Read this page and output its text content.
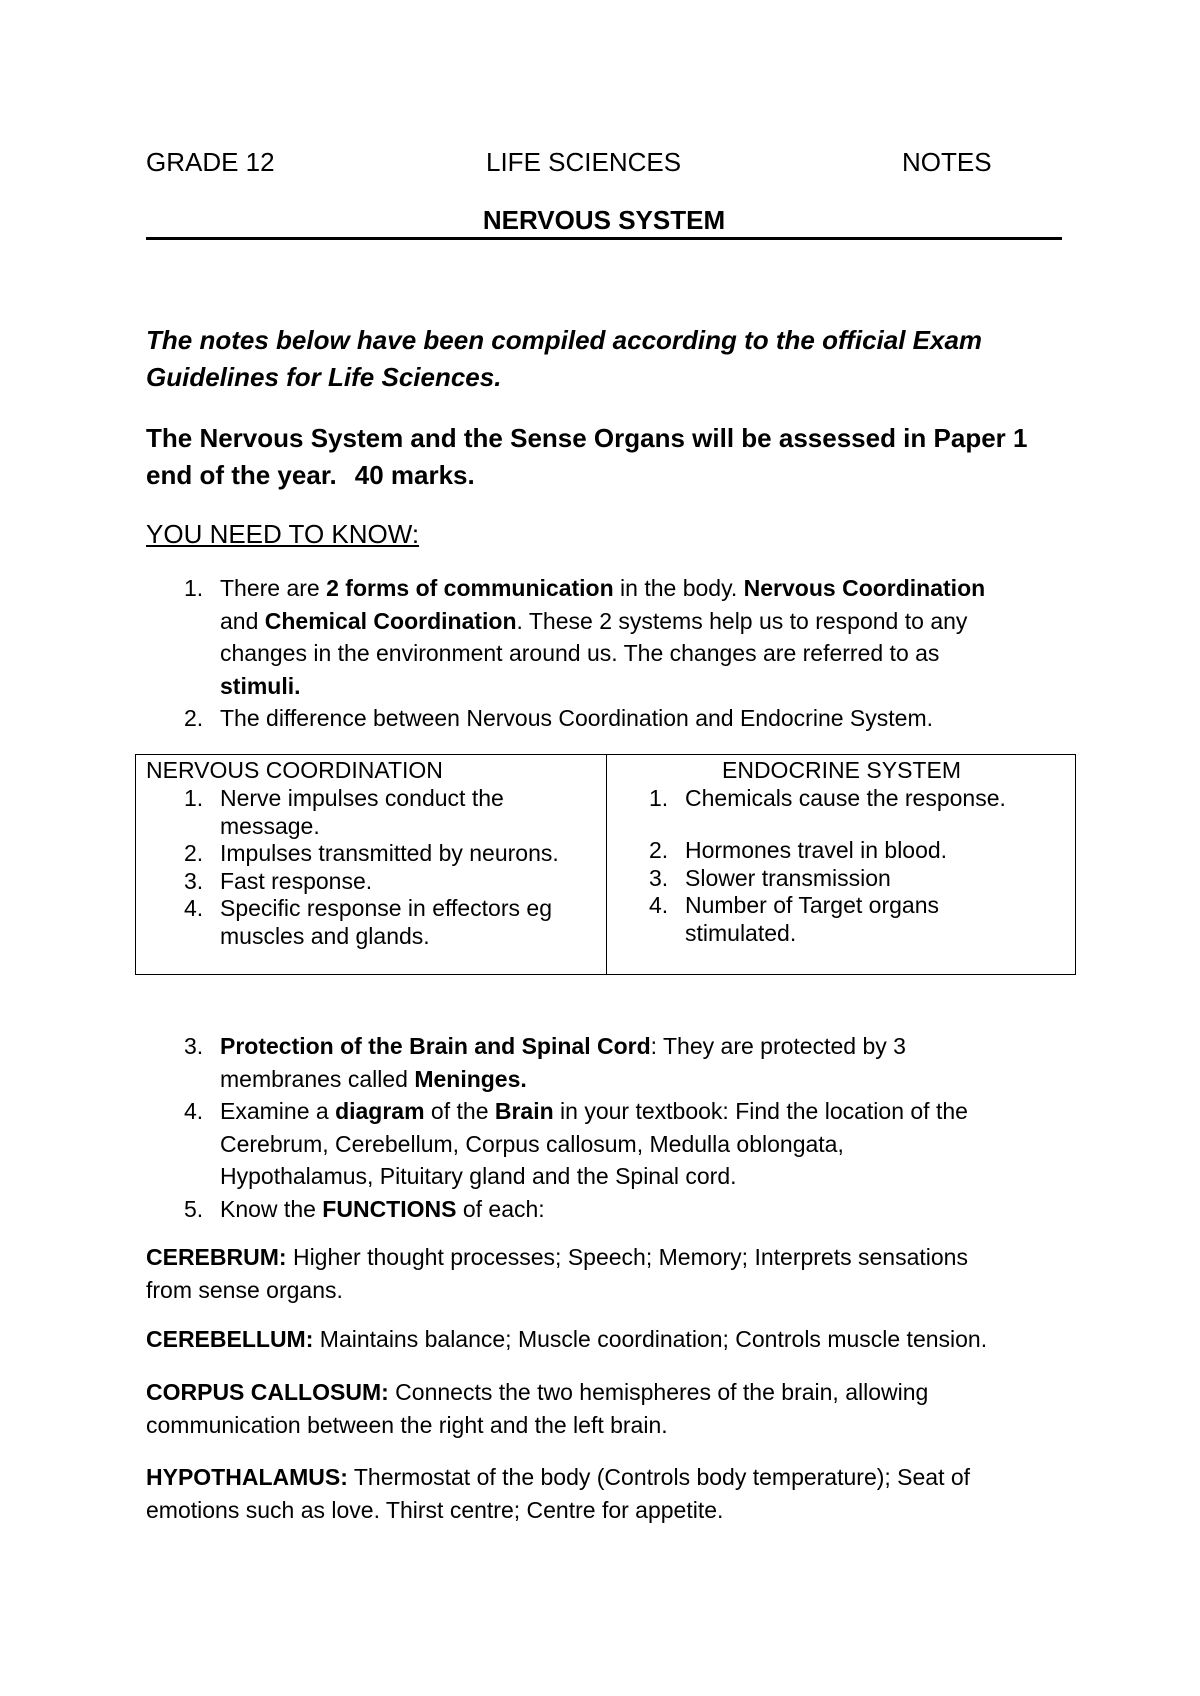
GRADE 12	LIFE SCIENCES	NOTES
NERVOUS SYSTEM
The notes below have been compiled according to the official Exam
Guidelines for Life Sciences.
The Nervous System and the Sense Organs will be assessed in Paper 1
end of the year. 40 marks.
YOU NEED TO KNOW:
1. There are 2 forms of communication in the body. Nervous Coordination
and Chemical Coordination. These 2 systems help us to respond to any
changes in the environment around us. The changes are referred to as
stimuli.
2. The difference between Nervous Coordination and Endocrine System.
NERVOUS COORDINATION
1. Nerve impulses conduct the
message.
2. Impulses transmitted by neurons.
3. Fast response.
4. Specific response in effectors eg
muscles and glands.

ENDOCRINE SYSTEM
1. Chemicals cause the response.
2. Hormones travel in blood.
3. Slower transmission
4. Number of Target organs
stimulated.
3. Protection of the Brain and Spinal Cord: They are protected by 3
membranes called Meninges.
4. Examine a diagram of the Brain in your textbook: Find the location of the
Cerebrum, Cerebellum, Corpus callosum, Medulla oblongata,
Hypothalamus, Pituitary gland and the Spinal cord.
5. Know the FUNCTIONS of each:

CEREBRUM: Higher thought processes; Speech; Memory; Interprets sensations

from sense organs.

CEREBELLUM: Maintains balance; Muscle coordination; Controls muscle tension.

CORPUS CALLOSUM: Connects the two hemispheres of the brain, allowing

communication between the right and the left brain.

HYPOTHALAMUS: Thermostat of the body (Controls body temperature); Seat of

emotions such as love. Thirst centre; Centre for appetite.
